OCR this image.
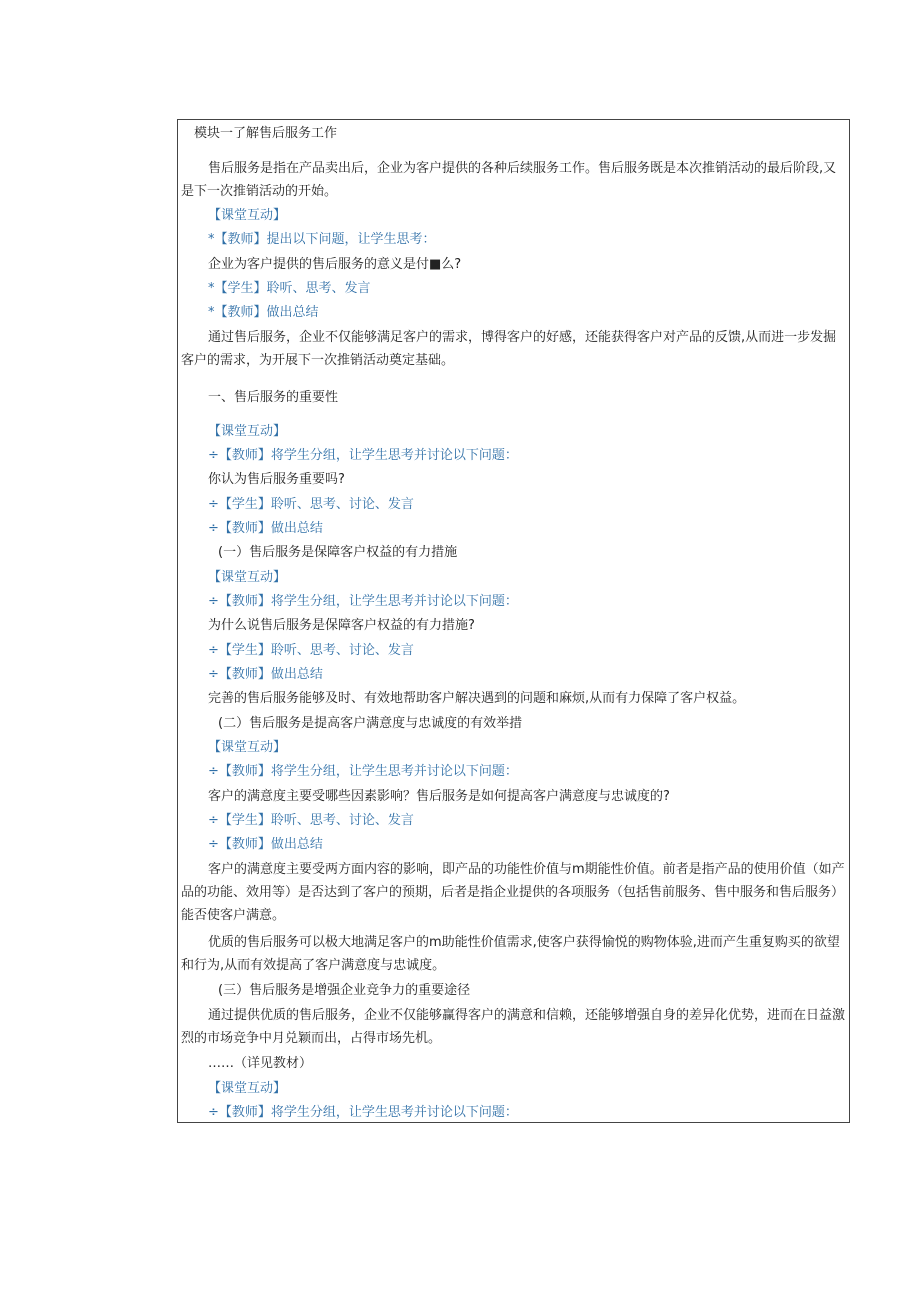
模块一了解售后服务工作
售后服务是指在产品卖出后，企业为客户提供的各种后续服务工作。售后服务既是本次推销活动的最后阶段,又是下一次推销活动的开始。
【课堂互动】
*【教师】提出以下问题，让学生思考：
企业为客户提供的售后服务的意义是付■么?
*【学生】聆听、思考、发言
*【教师】做出总结
通过售后服务，企业不仅能够满足客户的需求，博得客户的好感，还能获得客户对产品的反馈,从而进一步发掘客户的需求，为开展下一次推销活动奠定基础。
一、售后服务的重要性
【课堂互动】
÷【教师】将学生分组，让学生思考并讨论以下问题：
你认为售后服务重要吗?
÷【学生】聆听、思考、讨论、发言
÷【教师】做出总结
(一）售后服务是保障客户权益的有力措施
【课堂互动】
÷【教师】将学生分组，让学生思考并讨论以下问题：
为什么说售后服务是保障客户权益的有力措施?
÷【学生】聆听、思考、讨论、发言
÷【教师】做出总结
完善的售后服务能够及时、有效地帮助客户解决遇到的问题和麻烦,从而有力保障了客户权益。
(二）售后服务是提高客户满意度与忠诚度的有效举措
【课堂互动】
÷【教师】将学生分组，让学生思考并讨论以下问题：
客户的满意度主要受哪些因素影响？售后服务是如何提高客户满意度与忠诚度的?
÷【学生】聆听、思考、讨论、发言
÷【教师】做出总结
客户的满意度主要受两方面内容的影响，即产品的功能性价值与m期能性价值。前者是指产品的使用价值（如产品的功能、效用等）是否达到了客户的预期，后者是指企业提供的各项服务（包括售前服务、售中服务和售后服务）能否使客户满意。
优质的售后服务可以极大地满足客户的m助能性价值需求,使客户获得愉悦的购物体验,进而产生重复购买的欲望和行为,从而有效提高了客户满意度与忠诚度。
(三）售后服务是增强企业竞争力的重要途径
通过提供优质的售后服务，企业不仅能够赢得客户的满意和信赖，还能够增强自身的差异化优势，进而在日益激烈的市场竞争中月兑颖而出，占得市场先机。
……（详见教材）
【课堂互动】
÷【教师】将学生分组，让学生思考并讨论以下问题：
